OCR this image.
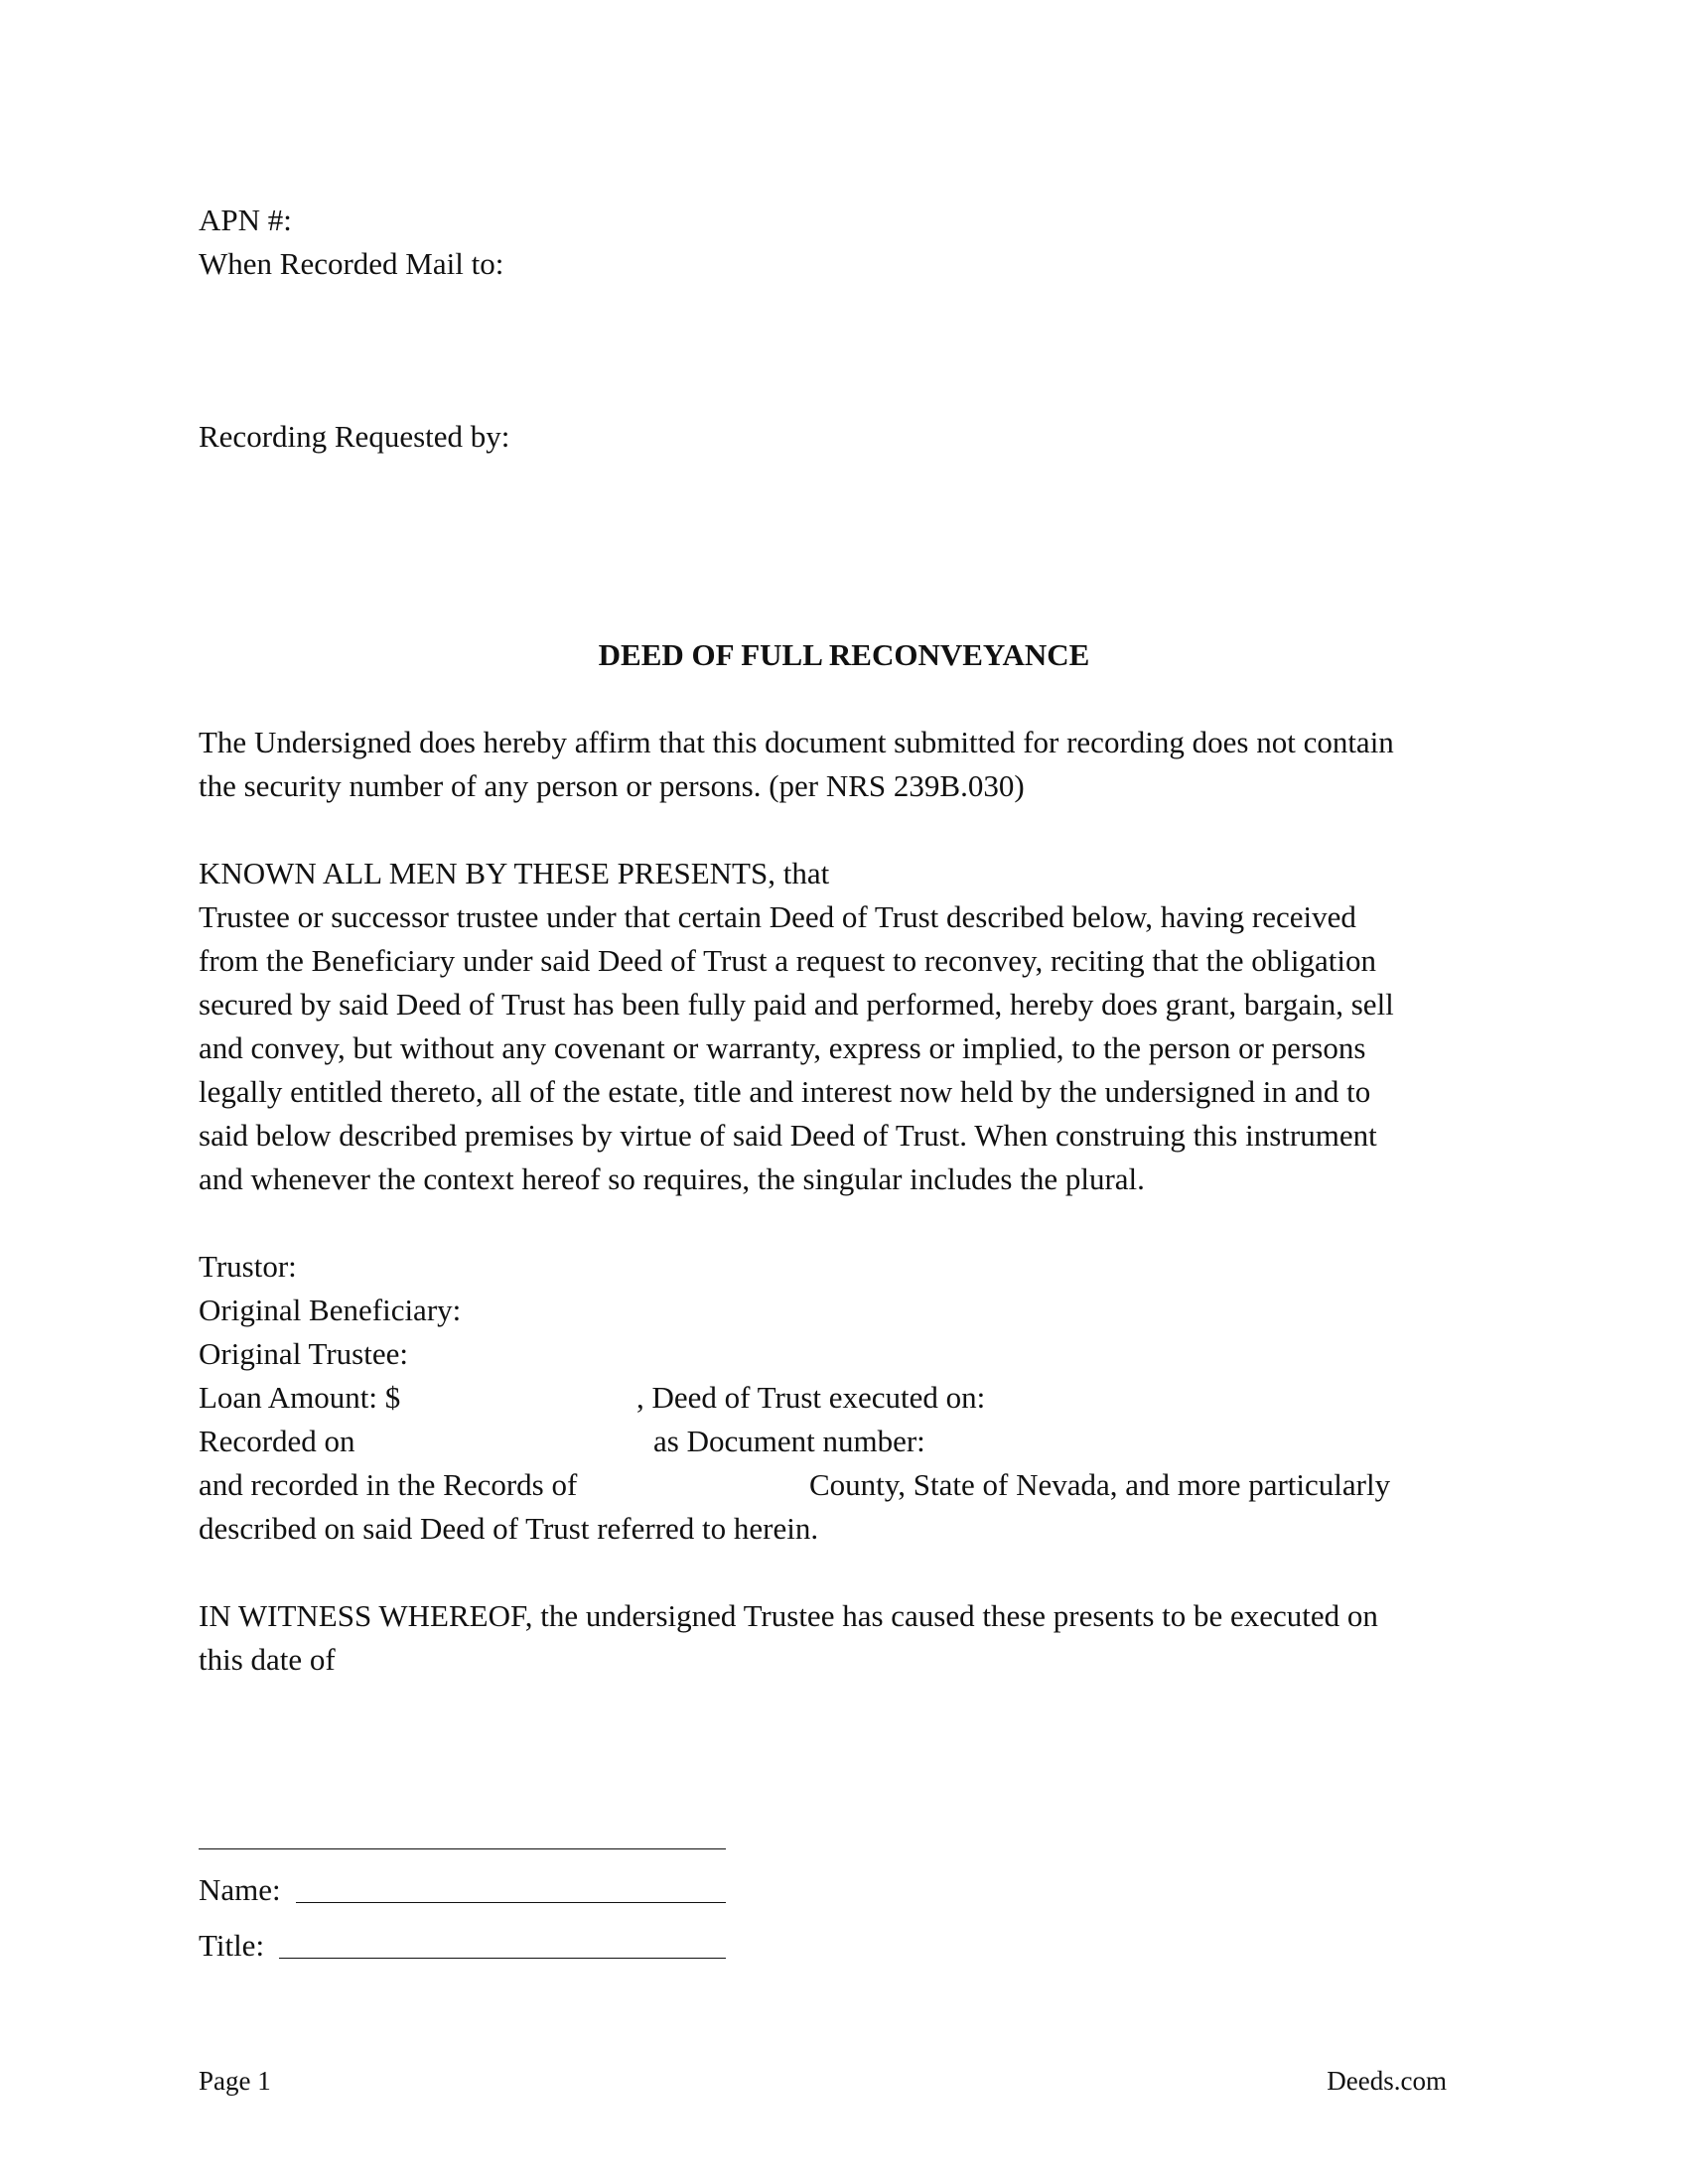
APN #:
When Recorded Mail to:
Recording Requested by:
DEED OF FULL RECONVEYANCE
The Undersigned does hereby affirm that this document submitted for recording does not contain
the security number of any person or persons. (per NRS 239B.030)
KNOWN ALL MEN BY THESE PRESENTS, that
Trustee or successor trustee under that certain Deed of Trust described below, having received
from the Beneficiary under said Deed of Trust a request to reconvey, reciting that the obligation
secured by said Deed of Trust has been fully paid and performed, hereby does grant, bargain, sell
and convey, but without any covenant or warranty, express or implied, to the person or persons
legally entitled thereto, all of the estate, title and interest now held by the undersigned in and to
said below described premises by virtue of said Deed of Trust. When construing this instrument
and whenever the context hereof so requires, the singular includes the plural.
Trustor:
Original Beneficiary:
Original Trustee:
Loan Amount: $	, Deed of Trust executed on:
Recorded on	as Document number:
and recorded in the Records of	County, State of Nevada, and more particularly
described on said Deed of Trust referred to herein.
IN WITNESS WHEREOF, the undersigned Trustee has caused these presents to be executed on
this date of
Name:
Title:
Page 1	Deeds.com
